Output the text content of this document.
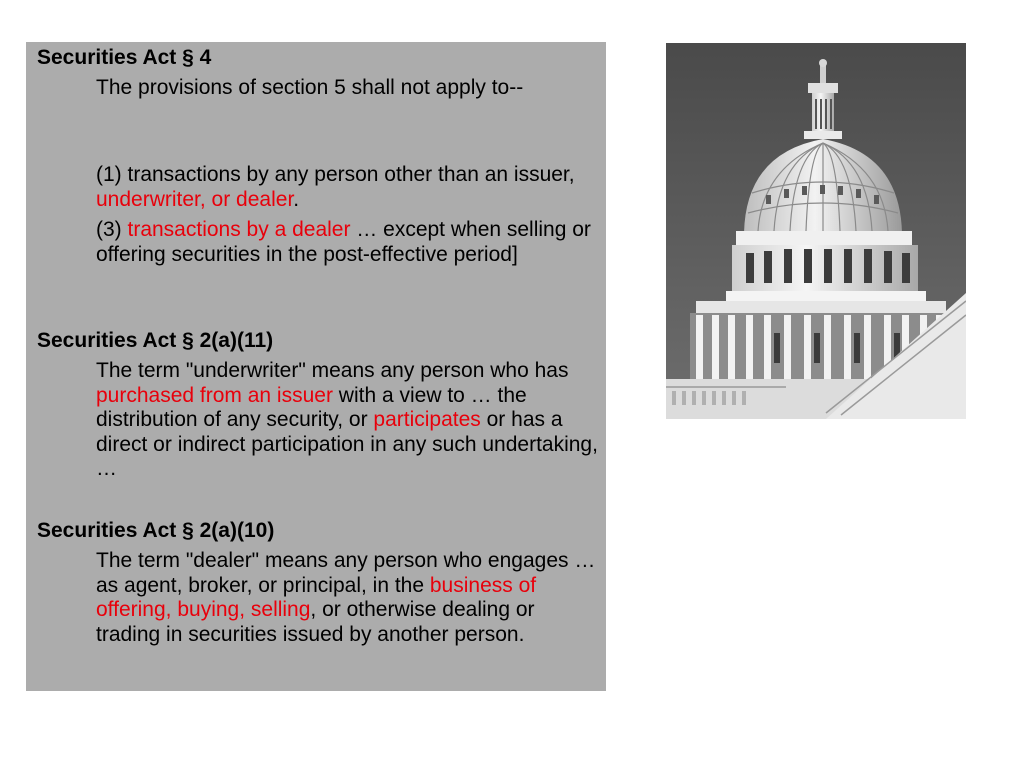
Securities Act § 4

The provisions of section 5 shall not apply to--

(1) transactions by any person other than an issuer, underwriter, or dealer.

(3) transactions by a dealer … except when selling or offering securities in the post-effective period]

Securities Act § 2(a)(11)

The term "underwriter" means any person who has purchased from an issuer with a view to … the distribution of any security, or participates or has a direct or indirect participation in any such undertaking, …

Securities Act § 2(a)(10)

The term "dealer" means any person who engages … as agent, broker, or principal, in the business of offering, buying, selling, or otherwise dealing or trading in securities issued by another person.
